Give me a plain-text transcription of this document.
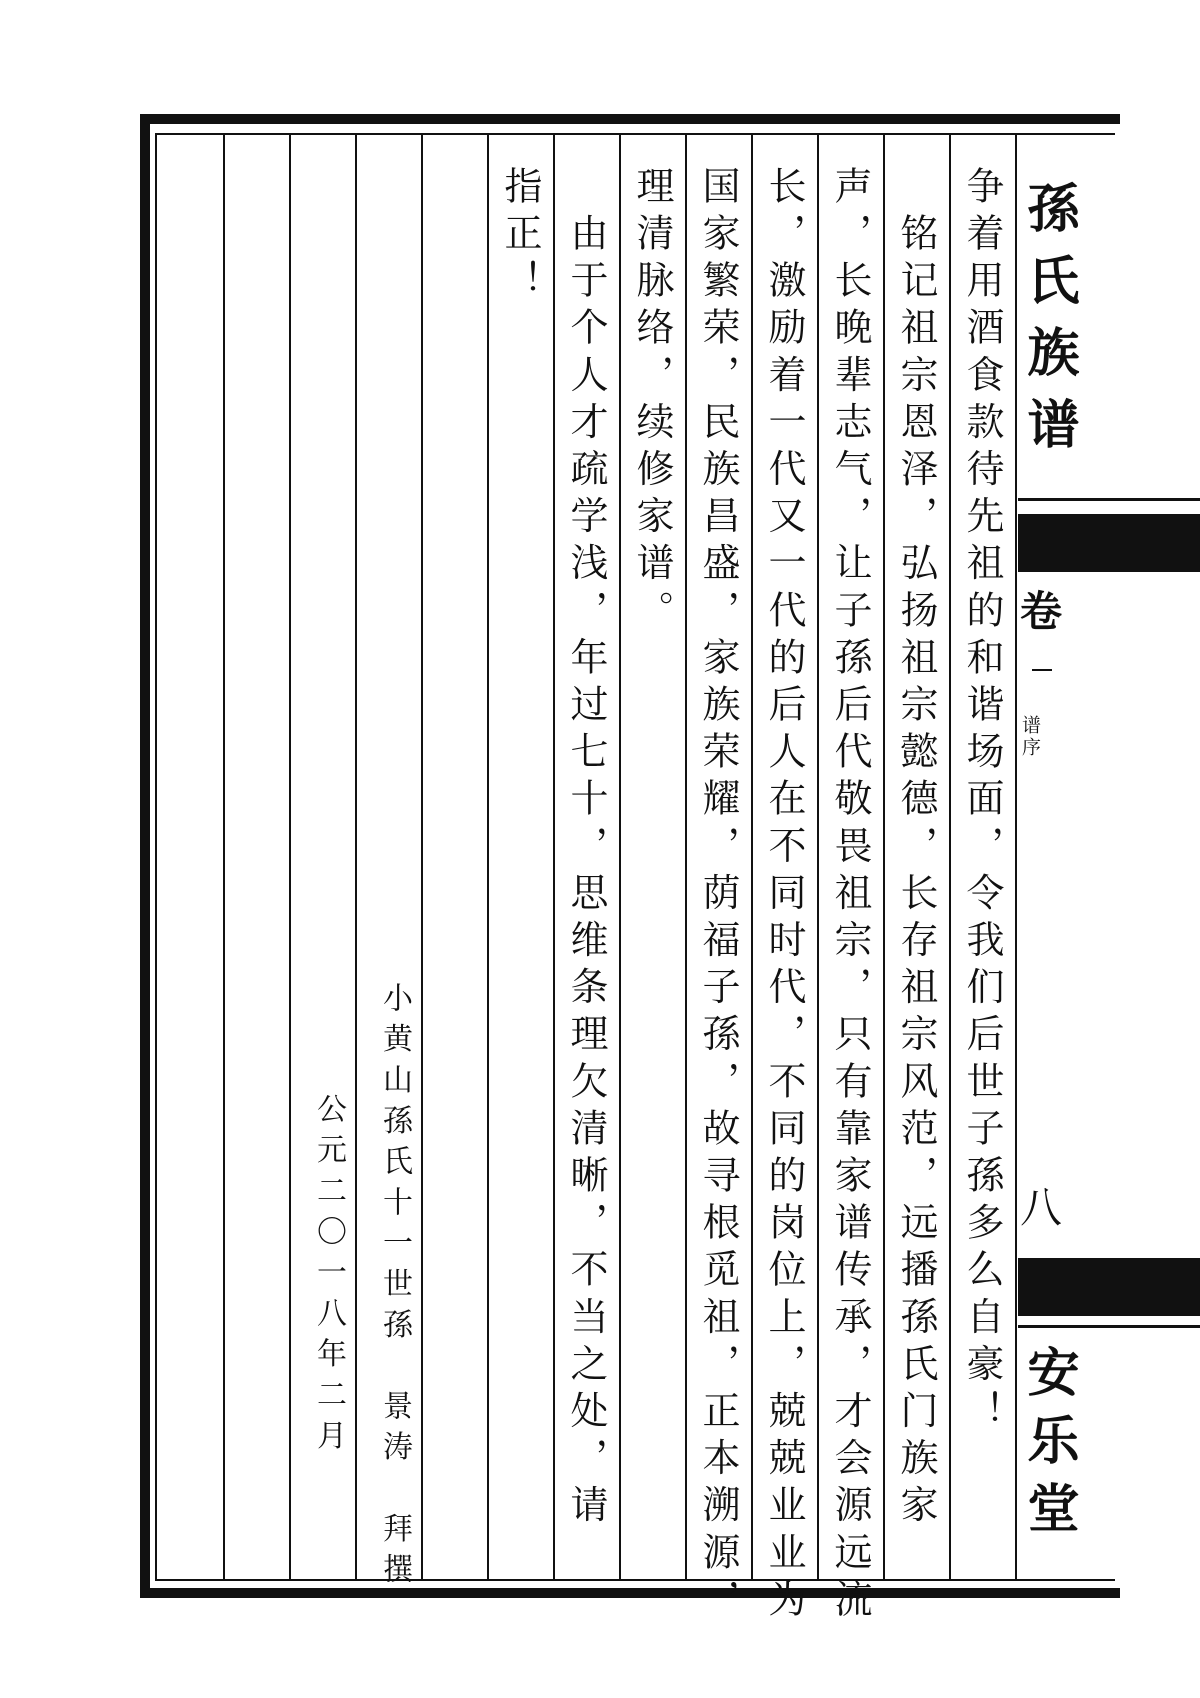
争着用酒食款待先祖的和谐场面，令我们后世子孫多么自豪！
　铭记祖宗恩泽，弘扬祖宗懿德，长存祖宗风范，远播孫氏门族家
声，长晚辈志气，让子孫后代敬畏祖宗，只有靠家谱传承，才会源远流
长，激励着一代又一代的后人在不同时代，不同的岗位上，兢兢业业为
国家繁荣，民族昌盛，家族荣耀，荫福子孫，故寻根觅祖，正本溯源，
理清脉络，续修家谱。
　由于个人才疏学浅，年过七十，思维条理欠清晰，不当之处，请
指正！
小黄山孫氏十一世孫　景涛　拜撰
公元二〇一八年二月
孫氏族谱
卷
谱序
八
安乐堂
